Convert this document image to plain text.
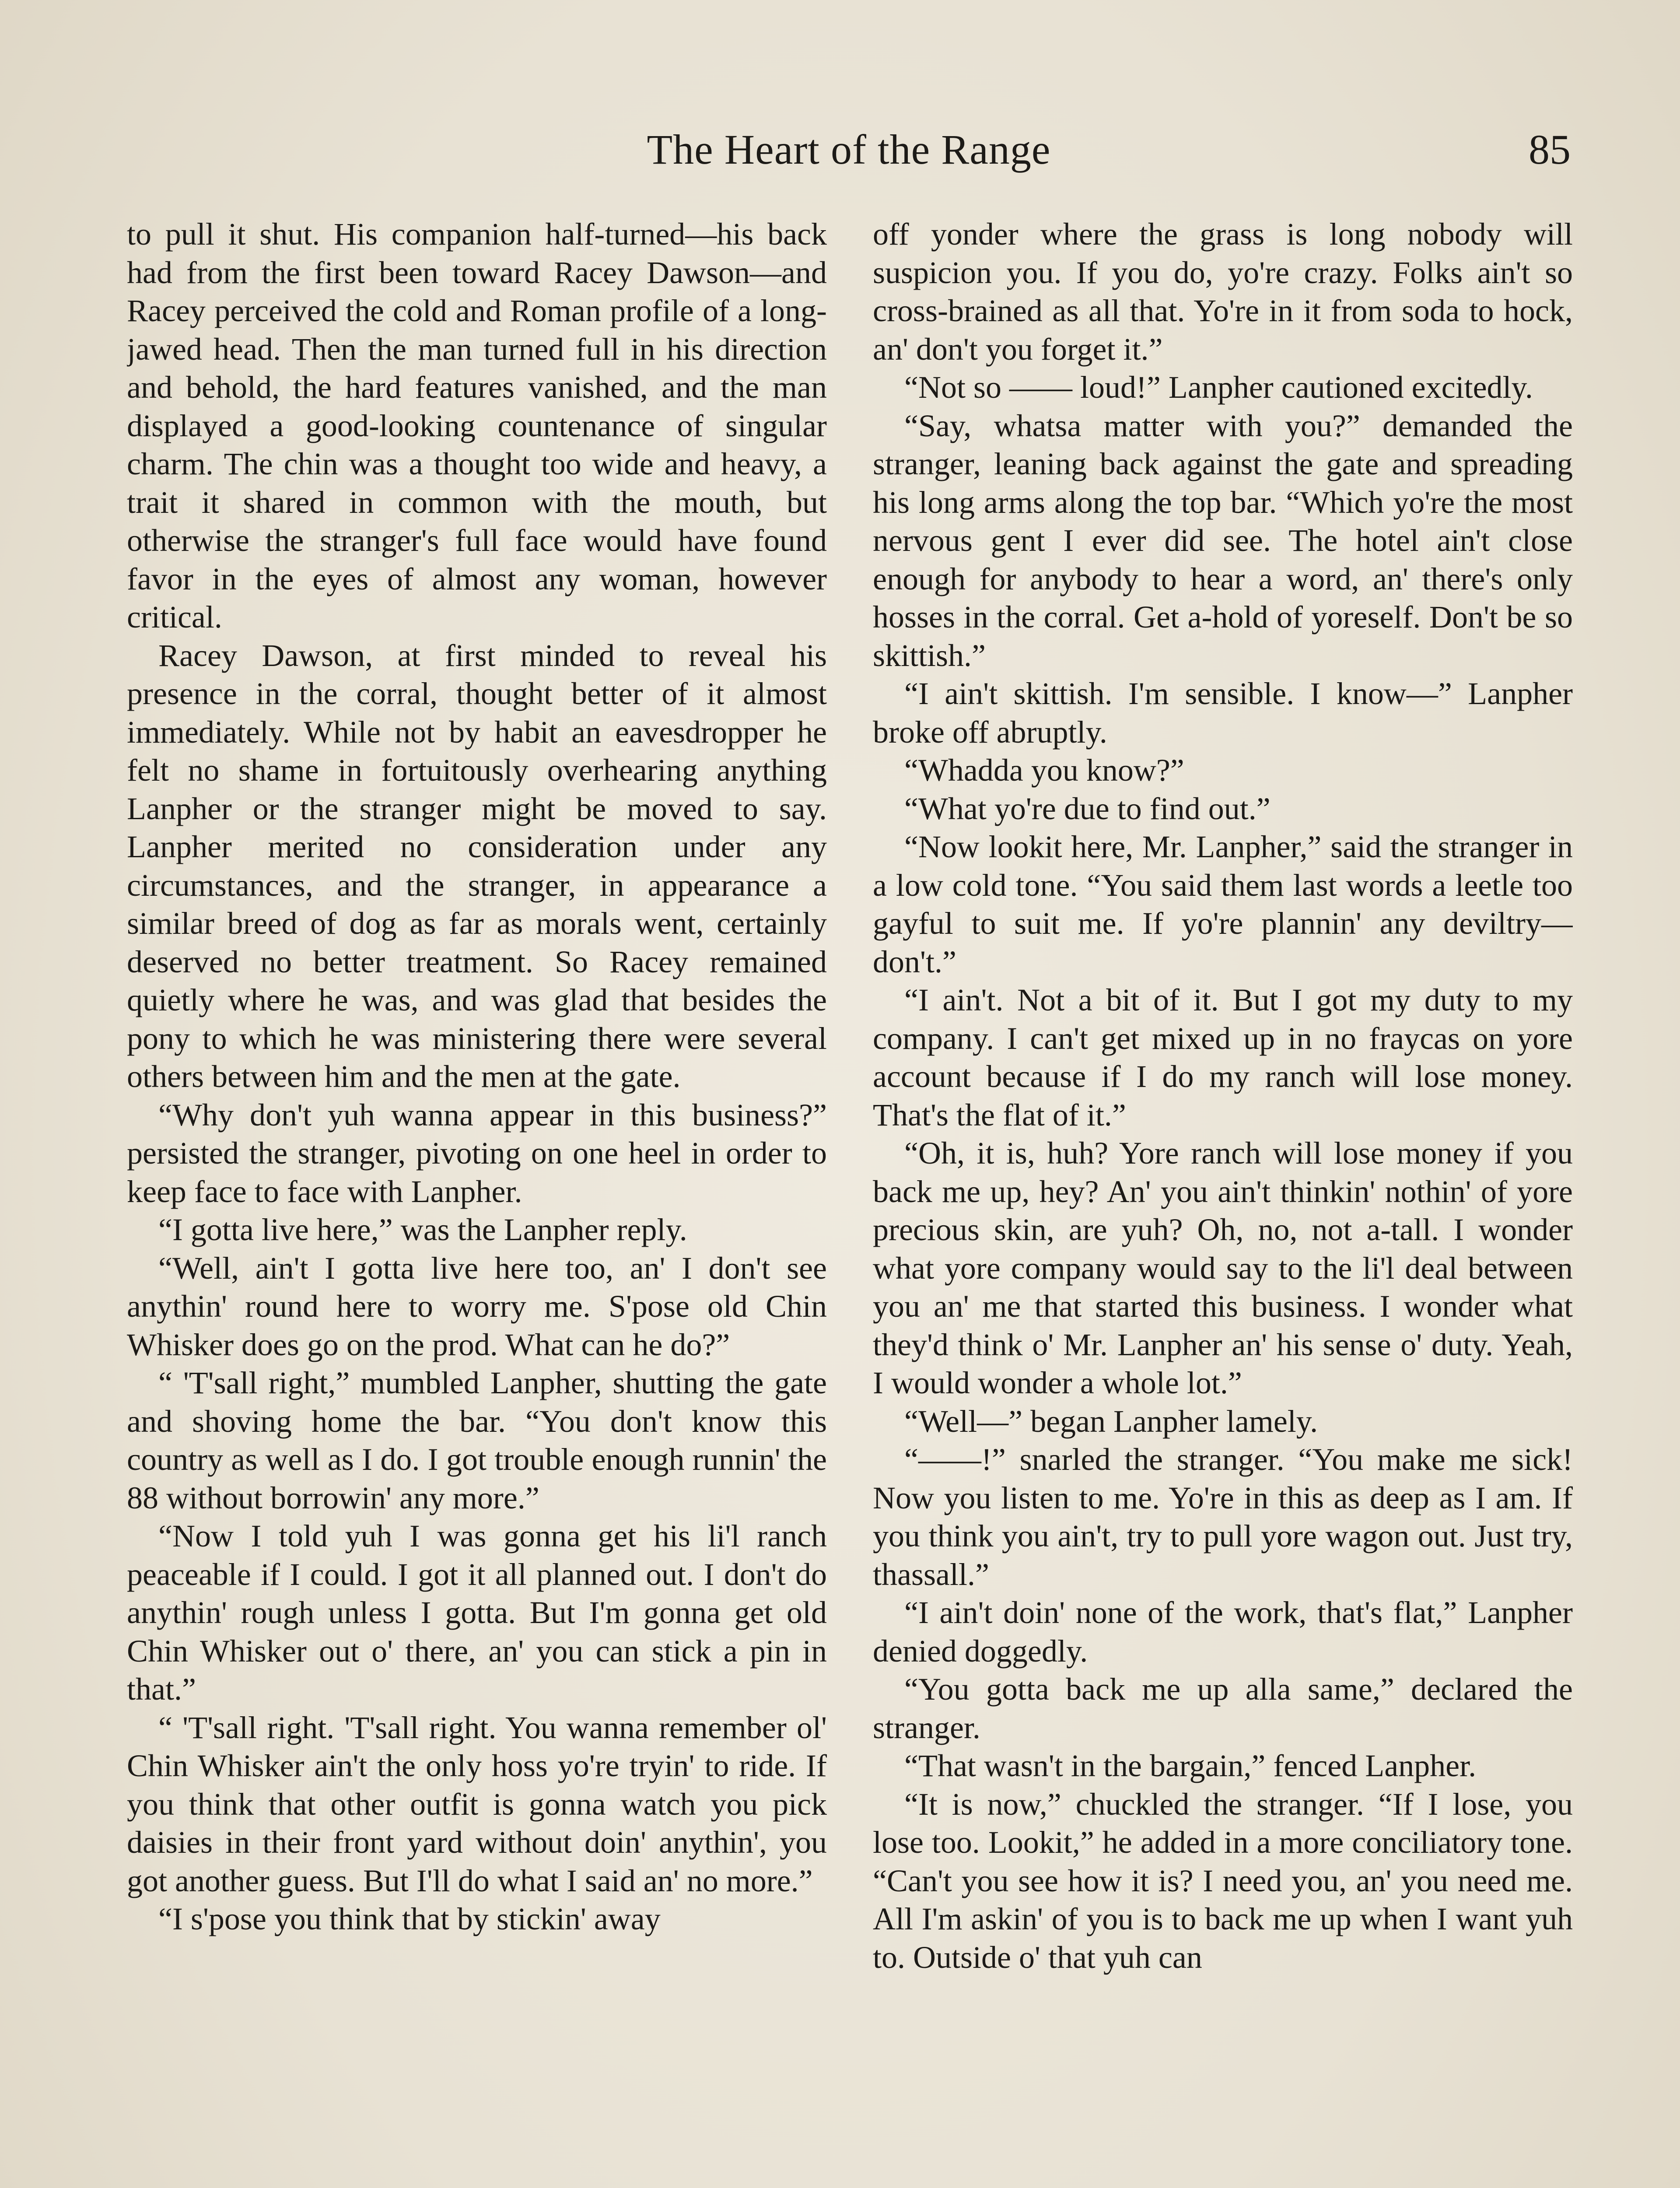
The Heart of the Range	85

to pull it shut. His companion half-turned—his back had from the first been toward Racey Dawson—and Racey perceived the cold and Roman profile of a long-jawed head. Then the man turned full in his direction and behold, the hard features vanished, and the man displayed a good-looking countenance of singular charm. The chin was a thought too wide and heavy, a trait it shared in common with the mouth, but otherwise the stranger's full face would have found favor in the eyes of almost any woman, however critical.

Racey Dawson, at first minded to reveal his presence in the corral, thought better of it almost immediately. While not by habit an eavesdropper he felt no shame in fortuitously overhearing anything Lanpher or the stranger might be moved to say. Lanpher merited no consideration under any circumstances, and the stranger, in appearance a similar breed of dog as far as morals went, certainly deserved no better treatment. So Racey remained quietly where he was, and was glad that besides the pony to which he was ministering there were several others between him and the men at the gate.

“Why don't yuh wanna appear in this business?” persisted the stranger, pivoting on one heel in order to keep face to face with Lanpher.

“I gotta live here,” was the Lanpher reply.

“Well, ain't I gotta live here too, an' I don't see anythin' round here to worry me. S'pose old Chin Whisker does go on the prod. What can he do?”

“ 'T'sall right,” mumbled Lanpher, shutting the gate and shoving home the bar. “You don't know this country as well as I do. I got trouble enough runnin' the 88 without borrowin' any more.”

“Now I told yuh I was gonna get his li'l ranch peaceable if I could. I got it all planned out. I don't do anythin' rough unless I gotta. But I'm gonna get old Chin Whisker out o' there, an' you can stick a pin in that.”

“ 'T'sall right. 'T'sall right. You wanna remember ol' Chin Whisker ain't the only hoss yo're tryin' to ride. If you think that other outfit is gonna watch you pick daisies in their front yard without doin' anythin', you got another guess. But I'll do what I said an' no more.”

“I s'pose you think that by stickin' away

off yonder where the grass is long nobody will suspicion you. If you do, yo're crazy. Folks ain't so cross-brained as all that. Yo're in it from soda to hock, an' don't you forget it.”

“Not so —— loud!” Lanpher cautioned excitedly.

“Say, whatsa matter with you?” demanded the stranger, leaning back against the gate and spreading his long arms along the top bar. “Which yo're the most nervous gent I ever did see. The hotel ain't close enough for anybody to hear a word, an' there's only hosses in the corral. Get a-hold of yoreself. Don't be so skittish.”

“I ain't skittish. I'm sensible. I know—” Lanpher broke off abruptly.

“Whadda you know?”

“What yo're due to find out.”

“Now lookit here, Mr. Lanpher,” said the stranger in a low cold tone. “You said them last words a leetle too gayful to suit me. If yo're plannin' any deviltry—don't.”

“I ain't. Not a bit of it. But I got my duty to my company. I can't get mixed up in no fraycas on yore account because if I do my ranch will lose money. That's the flat of it.”

“Oh, it is, huh? Yore ranch will lose money if you back me up, hey? An' you ain't thinkin' nothin' of yore precious skin, are yuh? Oh, no, not a-tall. I wonder what yore company would say to the li'l deal between you an' me that started this business. I wonder what they'd think o' Mr. Lanpher an' his sense o' duty. Yeah, I would wonder a whole lot.”

“Well—” began Lanpher lamely.

“——!” snarled the stranger. “You make me sick! Now you listen to me. Yo're in this as deep as I am. If you think you ain't, try to pull yore wagon out. Just try, thassall.”

“I ain't doin' none of the work, that's flat,” Lanpher denied doggedly.

“You gotta back me up alla same,” declared the stranger.

“That wasn't in the bargain,” fenced Lanpher.

“It is now,” chuckled the stranger. “If I lose, you lose too. Lookit,” he added in a more conciliatory tone. “Can't you see how it is? I need you, an' you need me. All I'm askin' of you is to back me up when I want yuh to. Outside o' that yuh can
